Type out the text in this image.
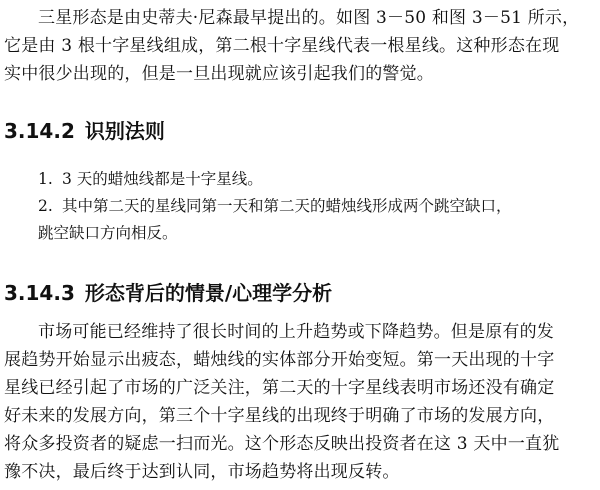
三星形态是由史蒂夫·尼森最早提出的。如图 3－50 和图 3－51 所示，
它是由 3 根十字星线组成，第二根十字星线代表一根星线。这种形态在现
实中很少出现的，但是一旦出现就应该引起我们的警觉。

3.14.2 识别法则
1. 3 天的蜡烛线都是十字星线。
2. 其中第二天的星线同第一天和第二天的蜡烛线形成两个跳空缺口，
跳空缺口方向相反。
3.14.3 形态背后的情景/心理学分析

市场可能已经维持了很长时间的上升趋势或下降趋势。但是原有的发
展趋势开始显示出疲态，蜡烛线的实体部分开始变短。第一天出现的十字
星线已经引起了市场的广泛关注，第二天的十字星线表明市场还没有确定
好未来的发展方向，第三个十字星线的出现终于明确了市场的发展方向，
将众多投资者的疑虑一扫而光。这个形态反映出投资者在这 3 天中一直犹
豫不决，最后终于达到认同，市场趋势将出现反转。
